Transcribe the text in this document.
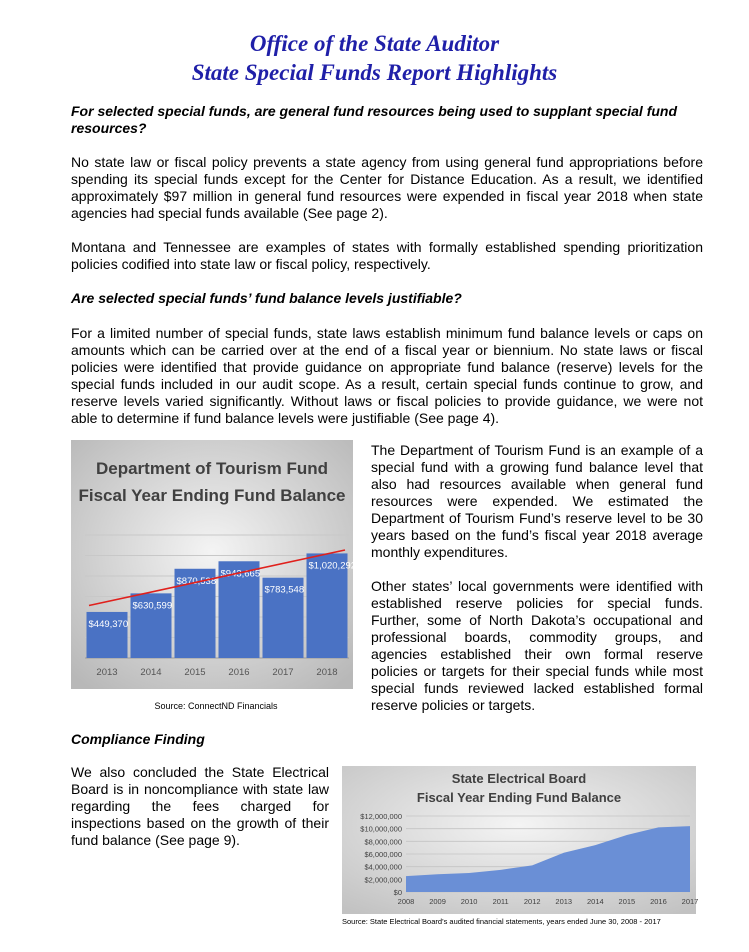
Office of the State Auditor
State Special Funds Report Highlights
For selected special funds, are general fund resources being used to supplant special fund resources?

No state law or fiscal policy prevents a state agency from using general fund appropriations before spending its special funds except for the Center for Distance Education. As a result, we identified approximately $97 million in general fund resources were expended in fiscal year 2018 when state agencies had special funds available (See page 2).

Montana and Tennessee are examples of states with formally established spending prioritization policies codified into state law or fiscal policy, respectively.

Are selected special funds’ fund balance levels justifiable?

For a limited number of special funds, state laws establish minimum fund balance levels or caps on amounts which can be carried over at the end of a fiscal year or biennium. No state laws or fiscal policies were identified that provide guidance on appropriate fund balance (reserve) levels for the special funds included in our audit scope. As a result, certain special funds continue to grow, and reserve levels varied significantly. Without laws or fiscal policies to provide guidance, we were not able to determine if fund balance levels were justifiable (See page 4).

Department of Tourism Fund
Fiscal Year Ending Fund Balance
$449,370
2013
$630,599
2014
$870,538
2015
$943,665
2016
$783,548
2017
$1,020,292
2018
Source: ConnectND Financials

The Department of Tourism Fund is an example of a special fund with a growing fund balance level that also had resources available when general fund resources were expended. We estimated the Department of Tourism Fund’s reserve level to be 30 years based on the fund’s fiscal year 2018 average monthly expenditures.

Other states’ local governments were identified with established reserve policies for special funds. Further, some of North Dakota’s occupational and professional boards, commodity groups, and agencies established their own formal reserve policies or targets for their special funds while most special funds reviewed lacked established formal reserve policies or targets.

Compliance Finding

We also concluded the State Electrical Board is in noncompliance with state law regarding the fees charged for inspections based on the growth of their fund balance (See page 9).

State Electrical Board
Fiscal Year Ending Fund Balance
$0
$2,000,000
$4,000,000
$6,000,000
$8,000,000
$10,000,000
$12,000,000
2008 2009 2010 2011 2012 2013 2014 2015 2016 2017
Source: State Electrical Board’s audited financial statements, years ended June 30, 2008 - 2017
